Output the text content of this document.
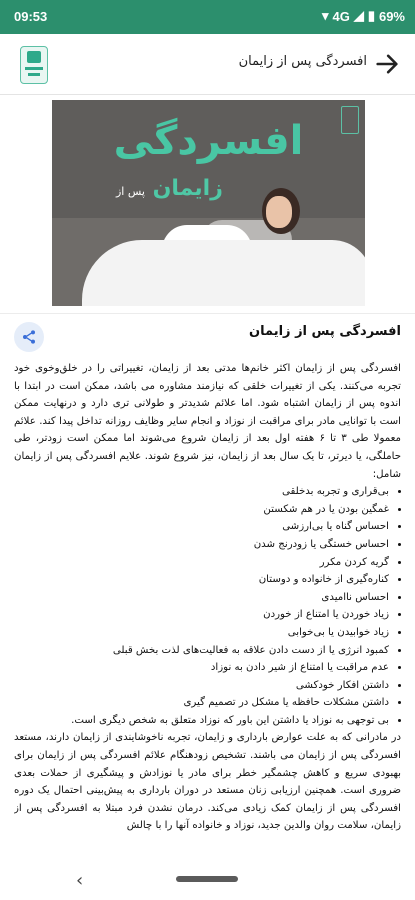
09:53	▾ 4G ◢ ▮ 69%
افسردگی پس از زایمان
افسردگی
زایمان پس از
افسردگی پس از زایمان

افسردگی پس از زایمان اکثر خانم‌ها مدتی بعد از زایمان، تغییراتی را در خلق‌وخوی خود تجربه می‌کنند. یکی از تغییرات خلقی که نیازمند مشاوره می باشد، ممکن است در ابتدا با اندوه پس از زایمان اشتباه شود. اما علائم شدیدتر و طولانی تری دارد و درنهایت ممکن است با توانایی مادر برای مراقبت از نوزاد و انجام سایر وظایف روزانه تداخل پیدا کند. علائم معمولا طی ۳ تا ۶ هفته اول بعد از زایمان شروع می‌شوند اما ممکن است زودتر، طی حاملگی، یا دیرتر، تا یک سال بعد از زایمان، نیز شروع شوند. علایم افسردگی پس از زایمان شامل:

• بی‌قراری و تجربه بدخلقی
• غمگین بودن یا در هم شکستن
• احساس گناه یا بی‌ارزشی
• احساس خستگی یا زودرنج شدن
• گریه کردن مکرر
• کناره‌گیری از خانواده و دوستان
• احساس ناامیدی
• زیاد خوردن یا امتناع از خوردن
• زیاد خوابیدن یا بی‌خوابی
• کمبود انرژی یا از دست دادن علاقه به فعالیت‌های لذت بخش قبلی
• عدم مراقبت یا امتناع از شیر دادن به نوزاد
• داشتن افکار خودکشی
• داشتن مشکلات حافظه یا مشکل در تصمیم گیری
• بی توجهی به نوزاد یا داشتن این باور که نوزاد متعلق به شخص دیگری است.

در مادرانی که به علت عوارض بارداری و زایمان، تجربه ناخوشایندی از زایمان دارند، مستعد افسردگی پس از زایمان می باشند. تشخیص زودهنگام علائم افسردگی پس از زایمان برای بهبودی سریع و کاهش چشمگیر خطر برای مادر یا نوزادش و پیشگیری از حملات بعدی ضروری است. همچنین ارزیابی زنان مستعد در دوران بارداری به پیش‌بینی احتمال یک دوره افسردگی پس از زایمان کمک زیادی می‌کند. درمان نشدن فرد مبتلا به افسردگی پس از زایمان، سلامت روان والدین جدید، نوزاد و خانواده آنها را با چالش

‹
